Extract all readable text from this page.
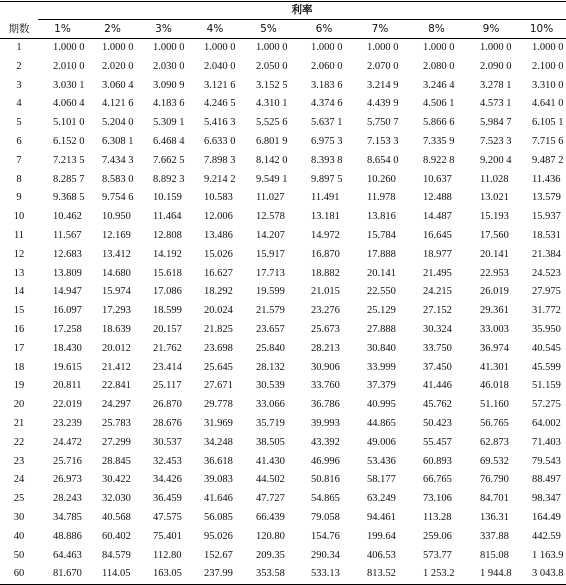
	利率									
期数	1%	2%	3%	4%	5%	6%	7%	8%	9%	10%
1	1.000 0	1.000 0	1.000 0	1.000 0	1.000 0	1.000 0	1.000 0	1.000 0	1.000 0	1.000 0
2	2.010 0	2.020 0	2.030 0	2.040 0	2.050 0	2.060 0	2.070 0	2.080 0	2.090 0	2.100 0
3	3.030 1	3.060 4	3.090 9	3.121 6	3.152 5	3.183 6	3.214 9	3.246 4	3.278 1	3.310 0
4	4.060 4	4.121 6	4.183 6	4.246 5	4.310 1	4.374 6	4.439 9	4.506 1	4.573 1	4.641 0
5	5.101 0	5.204 0	5.309 1	5.416 3	5.525 6	5.637 1	5.750 7	5.866 6	5.984 7	6.105 1
6	6.152 0	6.308 1	6.468 4	6.633 0	6.801 9	6.975 3	7.153 3	7.335 9	7.523 3	7.715 6
7	7.213 5	7.434 3	7.662 5	7.898 3	8.142 0	8.393 8	8.654 0	8.922 8	9.200 4	9.487 2
8	8.285 7	8.583 0	8.892 3	9.214 2	9.549 1	9.897 5	10.260	10.637	11.028	11.436
9	9.368 5	9.754 6	10.159	10.583	11.027	11.491	11.978	12.488	13.021	13.579
10	10.462	10.950	11.464	12.006	12.578	13.181	13.816	14.487	15.193	15.937
11	11.567	12.169	12.808	13.486	14.207	14.972	15.784	16.645	17.560	18.531
12	12.683	13.412	14.192	15.026	15.917	16.870	17.888	18.977	20.141	21.384
13	13.809	14.680	15.618	16.627	17.713	18.882	20.141	21.495	22.953	24.523
14	14.947	15.974	17.086	18.292	19.599	21.015	22.550	24.215	26.019	27.975
15	16.097	17.293	18.599	20.024	21.579	23.276	25.129	27.152	29.361	31.772
16	17.258	18.639	20.157	21.825	23.657	25.673	27.888	30.324	33.003	35.950
17	18.430	20.012	21.762	23.698	25.840	28.213	30.840	33.750	36.974	40.545
18	19.615	21.412	23.414	25.645	28.132	30.906	33.999	37.450	41.301	45.599
19	20.811	22.841	25.117	27.671	30.539	33.760	37.379	41.446	46.018	51.159
20	22.019	24.297	26.870	29.778	33.066	36.786	40.995	45.762	51.160	57.275
21	23.239	25.783	28.676	31.969	35.719	39.993	44.865	50.423	56.765	64.002
22	24.472	27.299	30.537	34.248	38.505	43.392	49.006	55.457	62.873	71.403
23	25.716	28.845	32.453	36.618	41.430	46.996	53.436	60.893	69.532	79.543
24	26.973	30.422	34.426	39.083	44.502	50.816	58.177	66.765	76.790	88.497
25	28.243	32.030	36.459	41.646	47.727	54.865	63.249	73.106	84.701	98.347
30	34.785	40.568	47.575	56.085	66.439	79.058	94.461	113.28	136.31	164.49
40	48.886	60.402	75.401	95.026	120.80	154.76	199.64	259.06	337.88	442.59
50	64.463	84.579	112.80	152.67	209.35	290.34	406.53	573.77	815.08	1 163.9
60	81.670	114.05	163.05	237.99	353.58	533.13	813.52	1 253.2	1 944.8	3 043.8
